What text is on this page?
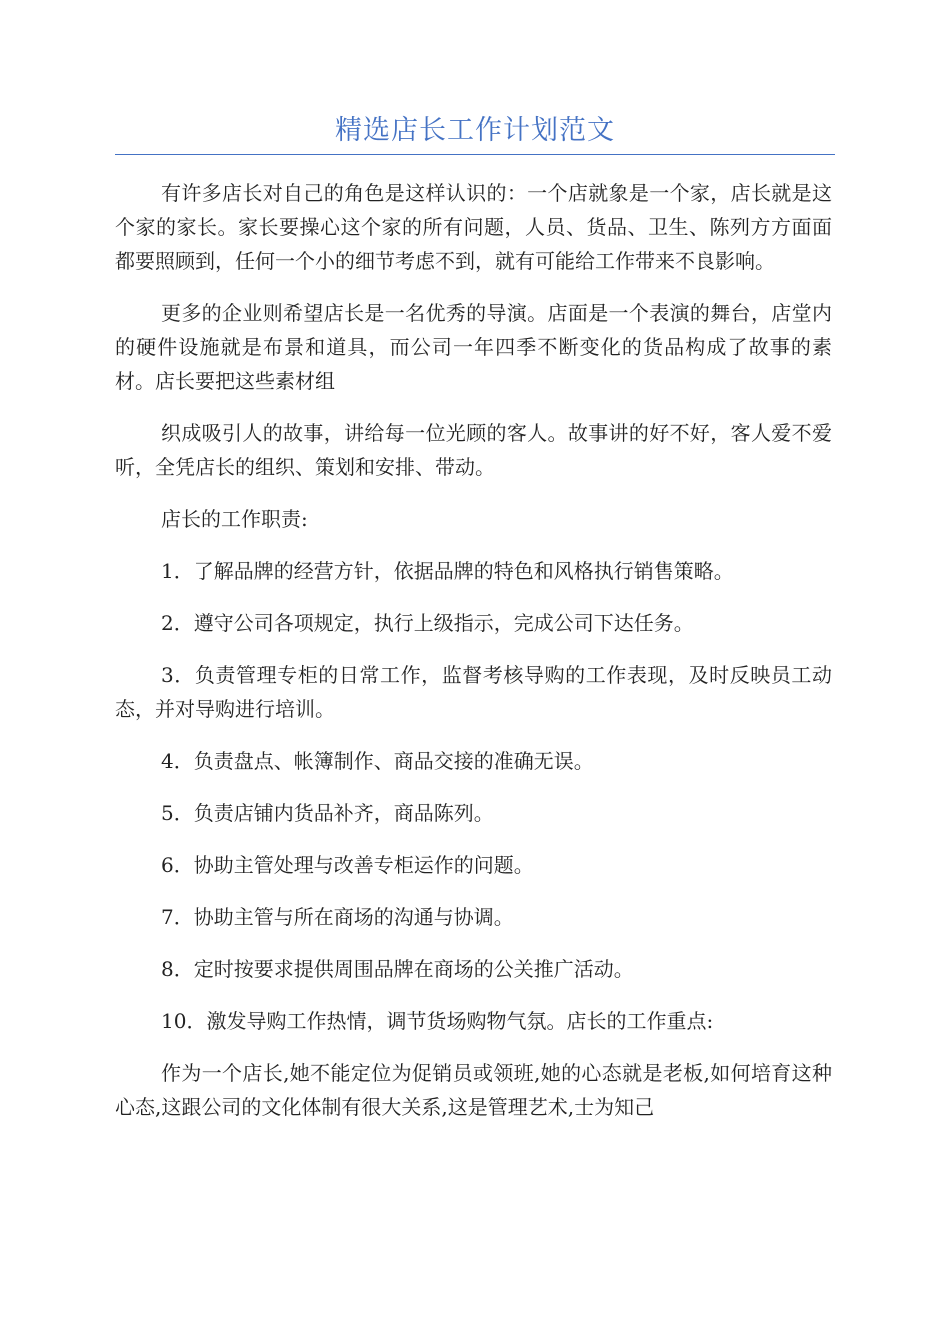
精选店长工作计划范文

有许多店长对自己的角色是这样认识的：一个店就象是一个家，店长就是这个家的家长。家长要操心这个家的所有问题，人员、货品、卫生、陈列方方面面都要照顾到，任何一个小的细节考虑不到，就有可能给工作带来不良影响。

更多的企业则希望店长是一名优秀的导演。店面是一个表演的舞台，店堂内的硬件设施就是布景和道具，而公司一年四季不断变化的货品构成了故事的素材。店长要把这些素材组

织成吸引人的故事，讲给每一位光顾的客人。故事讲的好不好，客人爱不爱听，全凭店长的组织、策划和安排、带动。

店长的工作职责:

1．了解品牌的经营方针，依据品牌的特色和风格执行销售策略。

2．遵守公司各项规定，执行上级指示，完成公司下达任务。

3．负责管理专柜的日常工作，监督考核导购的工作表现，及时反映员工动态，并对导购进行培训。

4．负责盘点、帐簿制作、商品交接的准确无误。

5．负责店铺内货品补齐，商品陈列。

6．协助主管处理与改善专柜运作的问题。

7．协助主管与所在商场的沟通与协调。

8．定时按要求提供周围品牌在商场的公关推广活动。

10．激发导购工作热情，调节货场购物气氛。店长的工作重点:

作为一个店长,她不能定位为促销员或领班,她的心态就是老板,如何培育这种心态,这跟公司的文化体制有很大关系,这是管理艺术,士为知己
